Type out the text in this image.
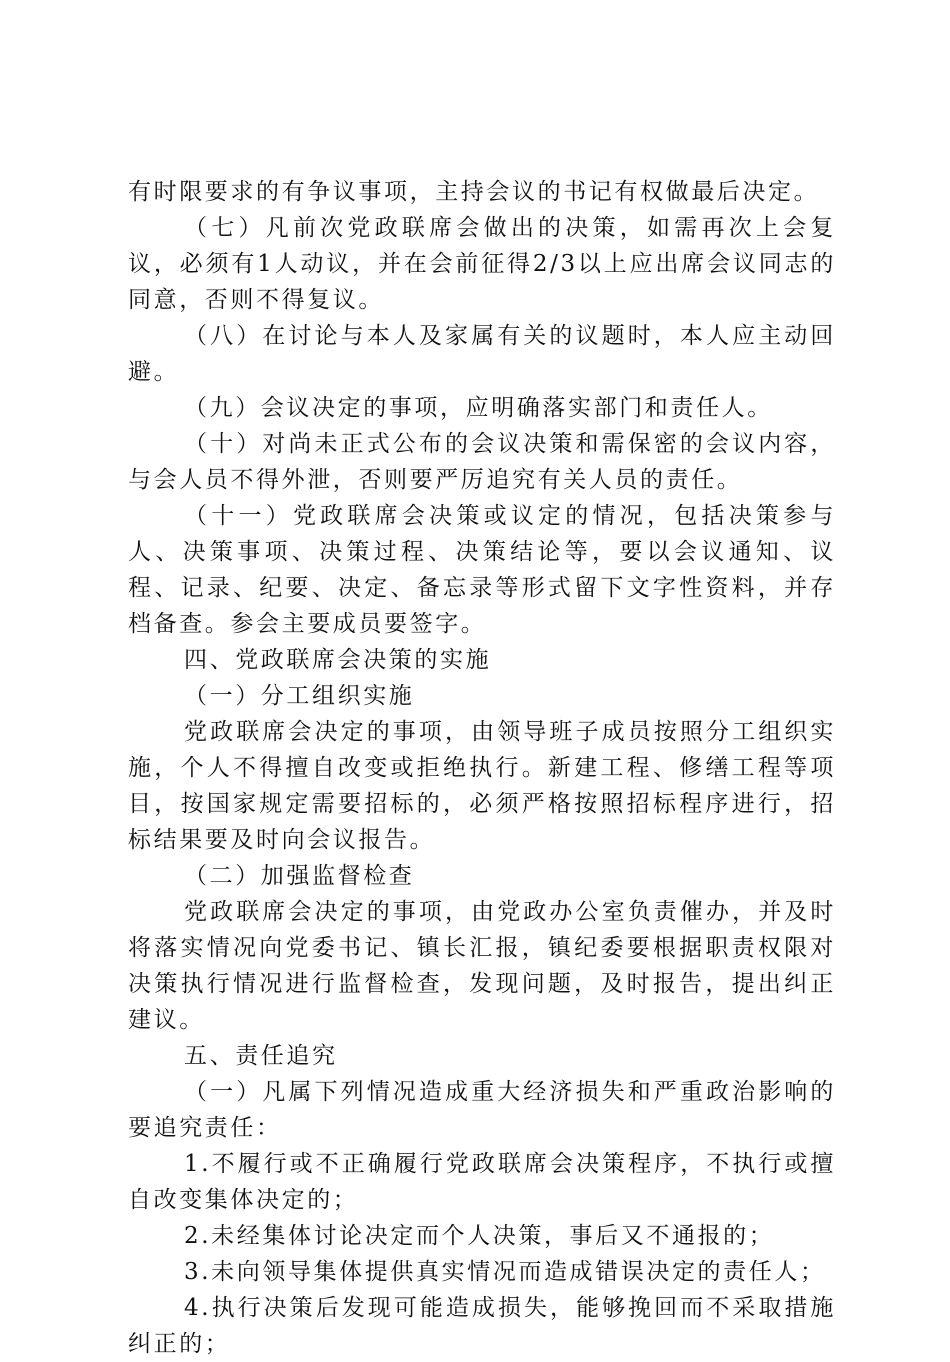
有时限要求的有争议事项，主持会议的书记有权做最后决定。

（七）凡前次党政联席会做出的决策，如需再次上会复议，必须有1人动议，并在会前征得2/3以上应出席会议同志的同意，否则不得复议。

（八）在讨论与本人及家属有关的议题时，本人应主动回避。

（九）会议决定的事项，应明确落实部门和责任人。

（十）对尚未正式公布的会议决策和需保密的会议内容，与会人员不得外泄，否则要严厉追究有关人员的责任。

（十一）党政联席会决策或议定的情况，包括决策参与人、决策事项、决策过程、决策结论等，要以会议通知、议程、记录、纪要、决定、备忘录等形式留下文字性资料，并存档备查。参会主要成员要签字。

四、党政联席会决策的实施

（一）分工组织实施

党政联席会决定的事项，由领导班子成员按照分工组织实施，个人不得擅自改变或拒绝执行。新建工程、修缮工程等项目，按国家规定需要招标的，必须严格按照招标程序进行，招标结果要及时向会议报告。

（二）加强监督检查

党政联席会决定的事项，由党政办公室负责催办，并及时将落实情况向党委书记、镇长汇报，镇纪委要根据职责权限对决策执行情况进行监督检查，发现问题，及时报告，提出纠正建议。

五、责任追究

（一）凡属下列情况造成重大经济损失和严重政治影响的要追究责任：

1.不履行或不正确履行党政联席会决策程序，不执行或擅自改变集体决定的；

2.未经集体讨论决定而个人决策，事后又不通报的；

3.未向领导集体提供真实情况而造成错误决定的责任人；

4.执行决策后发现可能造成损失，能够挽回而不采取措施纠正的；
